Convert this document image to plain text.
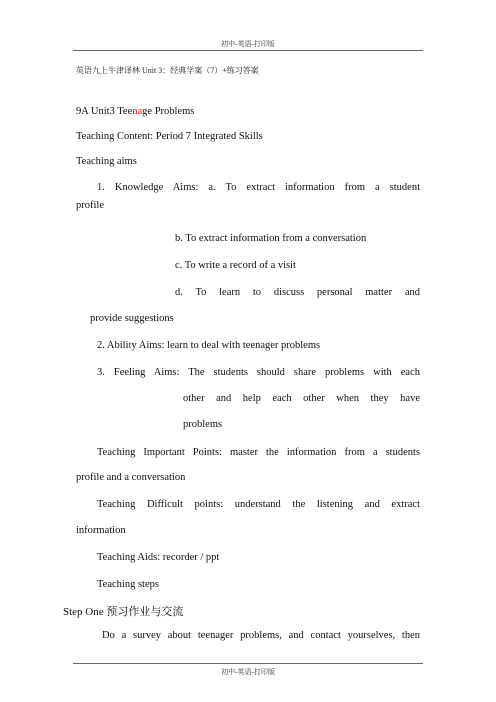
初中-英语-打印版
英语九上牛津译林 Unit 3：经典学案（7）+练习答案
9A Unit3 Teenage Problems
Teaching Content: Period 7 Integrated Skills
Teaching aims
1. Knowledge Aims: a. To extract information from a student
profile
b. To extract information from a conversation
c. To write a record of a visit
d. To learn to discuss personal matter and
provide suggestions
2. Ability Aims: learn to deal with teenager problems
3. Feeling Aims: The students should share problems with each
other and help each other when they have
problems
Teaching Important Points: master the information from a students
profile and a conversation
Teaching Difficult points: understand the listening and extract
information
Teaching Aids: recorder / ppt
Teaching steps
Step One 预习作业与交流
Do a survey about teenager problems, and contact yourselves, then
初中-英语-打印版
